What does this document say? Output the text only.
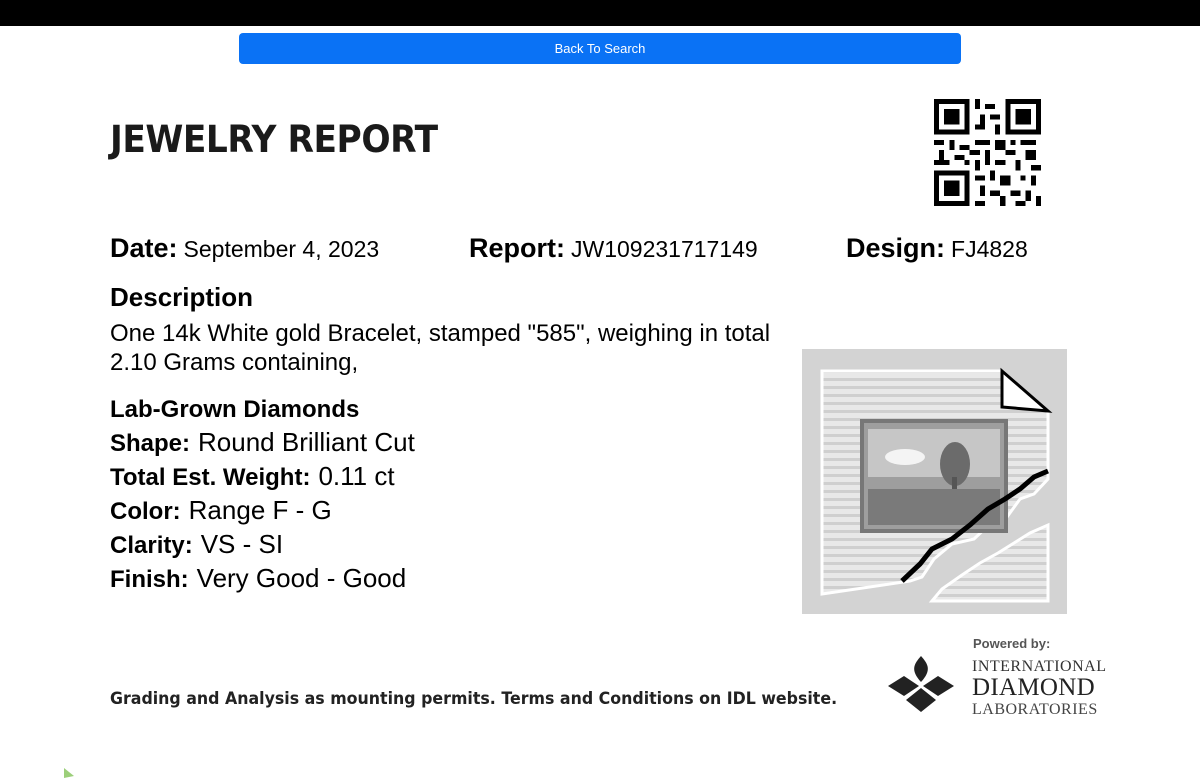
Back To Search
JEWELRY REPORT
Date: September 4, 2023	Report: JW109231717149	Design: FJ4828
Description

One 14k White gold Bracelet, stamped "585", weighing in total 2.10 Grams containing,

Lab-Grown Diamonds
Shape: Round Brilliant Cut
Total Est. Weight: 0.11 ct
Color: Range F - G
Clarity: VS - SI
Finish: Very Good - Good
Grading and Analysis as mounting permits. Terms and Conditions on IDL website.
Powered by:
INTERNATIONAL
DIAMOND
LABORATORIES
